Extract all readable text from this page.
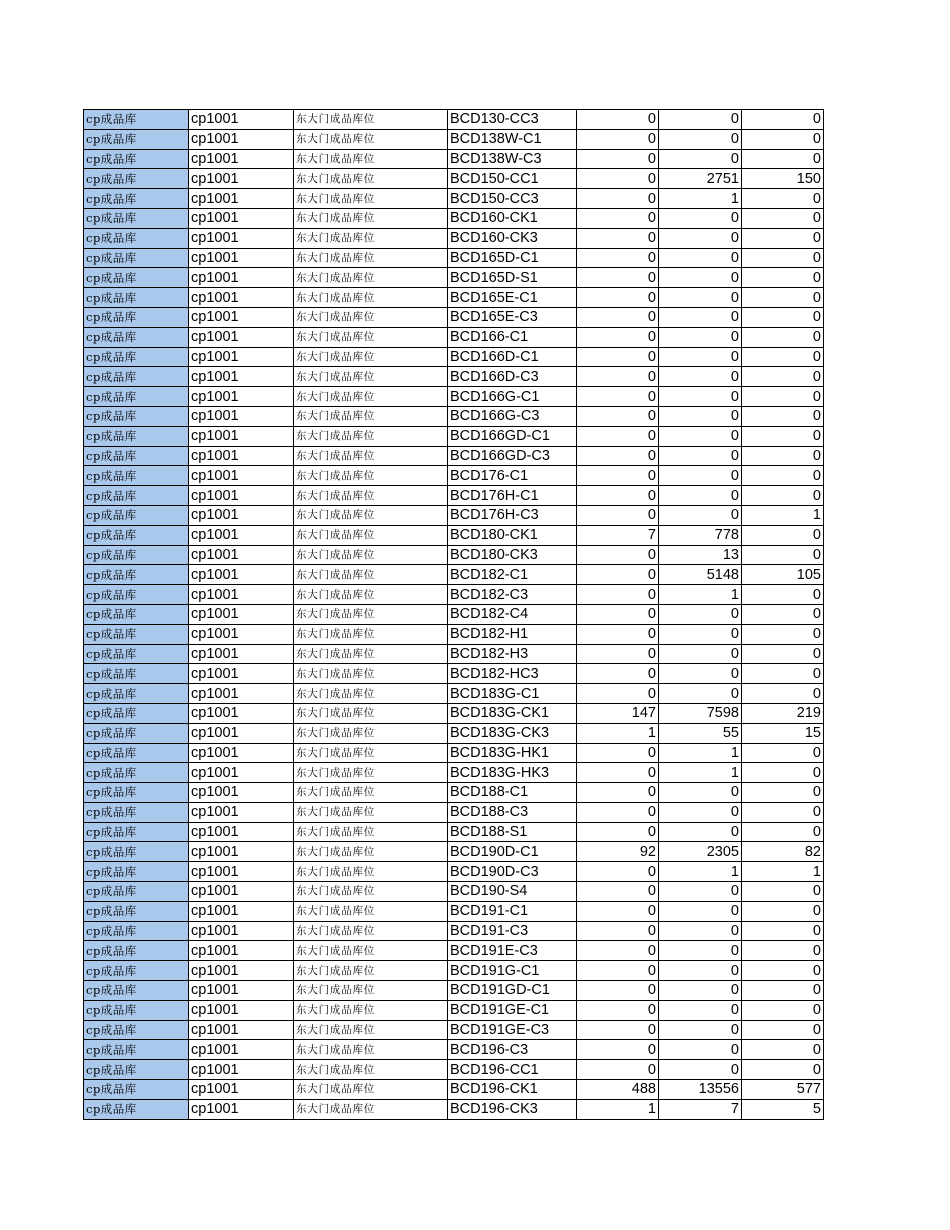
cp成品库	cp1001	东大门成品库位	BCD130-CC3	0	0	0
cp成品库	cp1001	东大门成品库位	BCD138W-C1	0	0	0
cp成品库	cp1001	东大门成品库位	BCD138W-C3	0	0	0
cp成品库	cp1001	东大门成品库位	BCD150-CC1	0	2751	150
cp成品库	cp1001	东大门成品库位	BCD150-CC3	0	1	0
cp成品库	cp1001	东大门成品库位	BCD160-CK1	0	0	0
cp成品库	cp1001	东大门成品库位	BCD160-CK3	0	0	0
cp成品库	cp1001	东大门成品库位	BCD165D-C1	0	0	0
cp成品库	cp1001	东大门成品库位	BCD165D-S1	0	0	0
cp成品库	cp1001	东大门成品库位	BCD165E-C1	0	0	0
cp成品库	cp1001	东大门成品库位	BCD165E-C3	0	0	0
cp成品库	cp1001	东大门成品库位	BCD166-C1	0	0	0
cp成品库	cp1001	东大门成品库位	BCD166D-C1	0	0	0
cp成品库	cp1001	东大门成品库位	BCD166D-C3	0	0	0
cp成品库	cp1001	东大门成品库位	BCD166G-C1	0	0	0
cp成品库	cp1001	东大门成品库位	BCD166G-C3	0	0	0
cp成品库	cp1001	东大门成品库位	BCD166GD-C1	0	0	0
cp成品库	cp1001	东大门成品库位	BCD166GD-C3	0	0	0
cp成品库	cp1001	东大门成品库位	BCD176-C1	0	0	0
cp成品库	cp1001	东大门成品库位	BCD176H-C1	0	0	0
cp成品库	cp1001	东大门成品库位	BCD176H-C3	0	0	1
cp成品库	cp1001	东大门成品库位	BCD180-CK1	7	778	0
cp成品库	cp1001	东大门成品库位	BCD180-CK3	0	13	0
cp成品库	cp1001	东大门成品库位	BCD182-C1	0	5148	105
cp成品库	cp1001	东大门成品库位	BCD182-C3	0	1	0
cp成品库	cp1001	东大门成品库位	BCD182-C4	0	0	0
cp成品库	cp1001	东大门成品库位	BCD182-H1	0	0	0
cp成品库	cp1001	东大门成品库位	BCD182-H3	0	0	0
cp成品库	cp1001	东大门成品库位	BCD182-HC3	0	0	0
cp成品库	cp1001	东大门成品库位	BCD183G-C1	0	0	0
cp成品库	cp1001	东大门成品库位	BCD183G-CK1	147	7598	219
cp成品库	cp1001	东大门成品库位	BCD183G-CK3	1	55	15
cp成品库	cp1001	东大门成品库位	BCD183G-HK1	0	1	0
cp成品库	cp1001	东大门成品库位	BCD183G-HK3	0	1	0
cp成品库	cp1001	东大门成品库位	BCD188-C1	0	0	0
cp成品库	cp1001	东大门成品库位	BCD188-C3	0	0	0
cp成品库	cp1001	东大门成品库位	BCD188-S1	0	0	0
cp成品库	cp1001	东大门成品库位	BCD190D-C1	92	2305	82
cp成品库	cp1001	东大门成品库位	BCD190D-C3	0	1	1
cp成品库	cp1001	东大门成品库位	BCD190-S4	0	0	0
cp成品库	cp1001	东大门成品库位	BCD191-C1	0	0	0
cp成品库	cp1001	东大门成品库位	BCD191-C3	0	0	0
cp成品库	cp1001	东大门成品库位	BCD191E-C3	0	0	0
cp成品库	cp1001	东大门成品库位	BCD191G-C1	0	0	0
cp成品库	cp1001	东大门成品库位	BCD191GD-C1	0	0	0
cp成品库	cp1001	东大门成品库位	BCD191GE-C1	0	0	0
cp成品库	cp1001	东大门成品库位	BCD191GE-C3	0	0	0
cp成品库	cp1001	东大门成品库位	BCD196-C3	0	0	0
cp成品库	cp1001	东大门成品库位	BCD196-CC1	0	0	0
cp成品库	cp1001	东大门成品库位	BCD196-CK1	488	13556	577
cp成品库	cp1001	东大门成品库位	BCD196-CK3	1	7	5
